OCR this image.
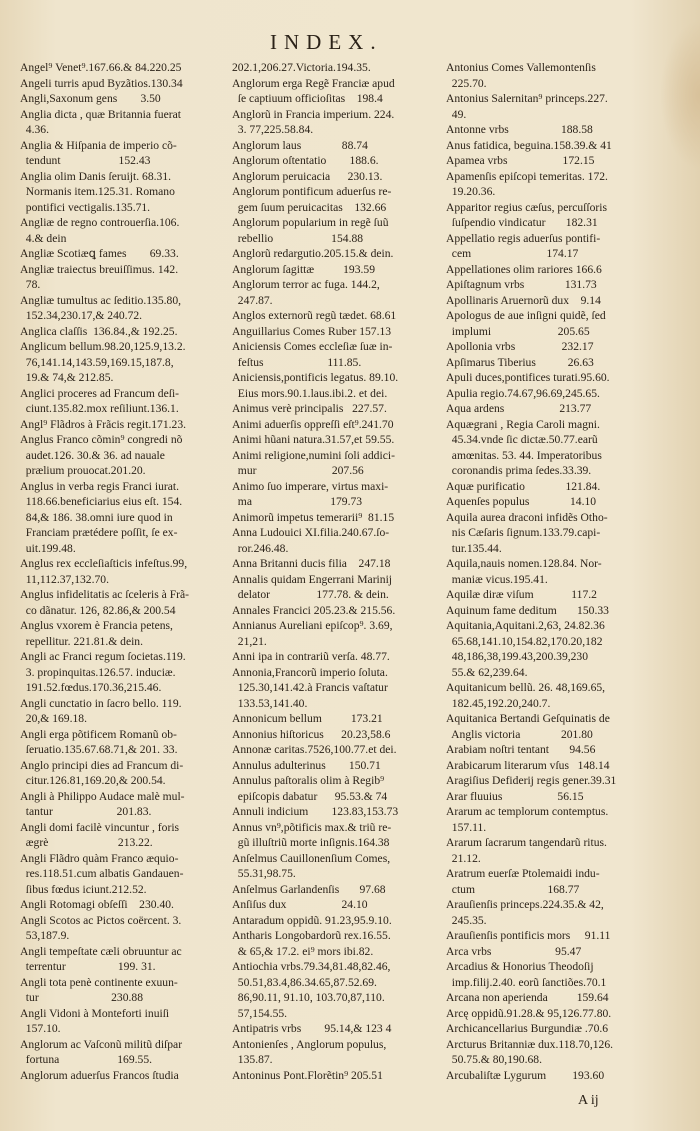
INDEX.
Angel⁹ Venet⁹.167.66.& 84.220.25
Angeli turris apud Byzãtios.130.34
Angli,Saxonum gens        3.50
Anglia dicta , quæ Britannia fuerat
4.36.
Anglia & Hiſpania de imperio cõ-
tendunt                    152.43
Anglia olim Danis ſeruijt. 68.31.
Normanis item.125.31. Romano
pontifici vectigalis.135.71.
Angliæ de regno controuerſia.106.
4.& dein
Angliæ Scotiæꝗ fames        69.33.
Angliæ traiectus breuiſſimus. 142.
78.
Angliæ tumultus ac ſeditio.135.80,
152.34,230.17,& 240.72.
Anglica claſſis  136.84.,& 192.25.
Anglicum bellum.98.20,125.9,13.2.
76,141.14,143.59,169.15,187.8,
19.& 74,& 212.85.
Anglici proceres ad Francum deſi-
ciunt.135.82.mox reſiliunt.136.1.
Angl⁹ Flãdros à Frãcis regit.171.23.
Anglus Franco cõmin⁹ congredi nõ
audet.126. 30.& 36. ad nauale
prælium prouocat.201.20.
Anglus in verba regis Franci iurat.
118.66.beneficiarius eius eſt. 154.
84,& 186. 38.omni iure quod in
Franciam prætédere poſſit, ſe ex-
uit.199.48.
Anglus rex eccleſiaſticis infeſtus.99,
11,112.37,132.70.
Anglus infidelitatis ac ſceleris à Frã-
co dãnatur. 126, 82.86,& 200.54
Anglus vxorem è Francia petens,
repellitur. 221.81.& dein.
Angli ac Franci regum ſocietas.119.
3. propinquitas.126.57. induciæ.
191.52.fœdus.170.36,215.46.
Angli cunctatio in ſacro bello. 119.
20,& 169.18.
Angli erga põtificem Romanũ ob-
ſeruatio.135.67.68.71,& 201. 33.
Anglo principi dies ad Francum di-
citur.126.81,169.20,& 200.54.
Angli à Philippo Audace malè mul-
tantur                      201.83.
Angli domi facilè vincuntur , foris
ægrè                        213.22.
Angli Flãdro quàm Franco æquio-
res.118.51.cum albatis Gandauen-
ſibus fœdus iciunt.212.52.
Angli Rotomagi obſeſſi    230.40.
Angli Scotos ac Pictos coërcent. 3.
53,187.9.
Angli tempeſtate cæli obruuntur ac
terrentur                  199. 31.
Angli tota penè continente exuun-
tur                         230.88
Angli Vidoni à Monteforti inuiſi
157.10.
Anglorum ac Vaſconũ militũ diſpar
fortuna                    169.55.
Anglorum aduerſus Francos ſtudia
202.1,206.27.Victoria.194.35.
Anglorum erga Regẽ Franciæ apud
ſe captiuum officioſitas    198.4
Anglorũ in Francia imperium. 224.
3. 77,225.58.84.
Anglorum laus              88.74
Anglorum oſtentatio        188.6.
Anglorum peruicacia      230.13.
Anglorum pontificum aduerſus re-
gem ſuum peruicacitas    132.66
Anglorum popularium in regẽ ſuũ
rebellio                    154.88
Anglorũ redargutio.205.15.& dein.
Anglorum ſagittæ          193.59
Anglorum terror ac fuga. 144.2,
247.87.
Anglos externorũ regũ tædet. 68.61
Anguillarius Comes Ruber 157.13
Aniciensis Comes eccleſiæ ſuæ in-
feſtus                      111.85.
Aniciensis,pontificis legatus. 89.10.
Eius mors.90.1.laus.ibi.2. et dei.
Animus verè principalis   227.57.
Animi aduerſis oppreſſi eſt⁹.241.70
Animi hũani natura.31.57,et 59.55.
Animi religione,numini ſoli addici-
mur                          207.56
Animo ſuo imperare, virtus maxi-
ma                           179.73
Animorũ impetus temerarii⁹  81.15
Anna Ludouici XI.filia.240.67.ſo-
ror.246.48.
Anna Britanni ducis filia    247.18
Annalis quidam Engerrani Marinij
delator                177.78. & dein.
Annales Francici 205.23.& 215.56.
Annianus Aureliani epiſcop⁹. 3.69,
21,21.
Anni ipa in contrariũ verſa. 48.77.
Annonia,Francorũ imperio ſoluta.
125.30,141.42.à Francis vaſtatur
133.53,141.40.
Annonicum bellum          173.21
Annonius hiſtoricus      20.23,58.6
Annonæ caritas.7526,100.77.et dei.
Annulus adulterinus        150.71
Annulus paſtoralis olim à Regib⁹
epiſcopis dabatur      95.53.& 74
Annuli indicium        123.83,153.73
Annus vn⁹,põtificis max.& triũ re-
gũ illuſtriũ morte inſignis.164.38
Anſelmus Cauillonenſium Comes,
55.31,98.75.
Anſelmus Garlandenſis       97.68
Anſiſus dux                   24.10
Antaradum oppidũ. 91.23,95.9.10.
Antharis Longobardorũ rex.16.55.
& 65,& 17.2. ei⁹ mors ibi.82.
Antiochia vrbs.79.34,81.48,82.46,
50.51,83.4,86.34.65,87.52.69.
86,90.11, 91.10, 103.70,87,110.
57,154.55.
Antipatris vrbs        95.14,& 123 4
Antonienſes , Anglorum populus,
135.87.
Antoninus Pont.Florẽtin⁹ 205.51
Antonius Comes Vallemontenſis
225.70.
Antonius Salernitan⁹ princeps.227.
49.
Antonne vrbs                  188.58
Anus fatidica, beguina.158.39.& 41
Apamea vrbs                   172.15
Apamenſis epiſcopi temeritas. 172.
19.20.36.
Apparitor regius cæſus, percuſſoris
ſuſpendio vindicatur       182.31
Appellatio regis aduerſus pontifi-
cem                          174.17
Appellationes olim rariores 166.6
Apiſtagnum vrbs              131.73
Apollinaris Aruernorũ dux    9.14
Apologus de aue inſigni quidẽ, ſed
implumi                       205.65
Apollonia vrbs                232.17
Apſimarus Tiberius           26.63
Apuli duces,pontifices turati.95.60.
Apulia regio.74.67,96.69,245.65.
Aqua ardens                   213.77
Aquægrani , Regia Caroli magni.
45.34.vnde ſic dictæ.50.77.earũ
amœnitas. 53. 44. Imperatoribus
coronandis prima ſedes.33.39.
Aquæ purificatio              121.84.
Aquenſes populus              14.10
Aquila aurea draconi infidẽs Otho-
nis Cæſaris ſignum.133.79.capi-
tur.135.44.
Aquila,nauis nomen.128.84. Nor-
maniæ vicus.195.41.
Aquilæ diræ viſum             117.2
Aquinum fame deditum       150.33
Aquitania,Aquitani.2,63, 24.82.36
65.68,141.10,154.82,170.20,182
48,186,38,199.43,200.39,230
55.& 62,239.64.
Aquitanicum bellũ. 26. 48,169.65,
182.45,192.20,240.7.
Aquitanica Bertandi Geſquinatis de
Anglis victoria              201.80
Arabiam noſtri tentant       94.56
Arabicarum literarum vſus   148.14
Aragiſius Defiderij regis gener.39.31
Arar fluuius                   56.15
Ararum ac templorum contemptus.
157.11.
Ararum ſacrarum tangendarũ ritus.
21.12.
Aratrum euerſæ Ptolemaidi indu-
ctum                         168.77
Arauſienſis princeps.224.35.& 42,
245.35.
Arauſienſis pontificis mors     91.11
Arca vrbs                      95.47
Arcadius & Honorius Theodoſij
imp.filij.2.40. eorũ ſanctiões.70.1
Arcana non aperienda          159.64
Arcę oppidũ.91.28.& 95,126.77.80.
Archicancellarius Burgundiæ .70.6
Arcturus Britanniæ dux.118.70,126.
50.75.& 80,190.68.
Arcubaliſtæ Lygurum         193.60
A ij
